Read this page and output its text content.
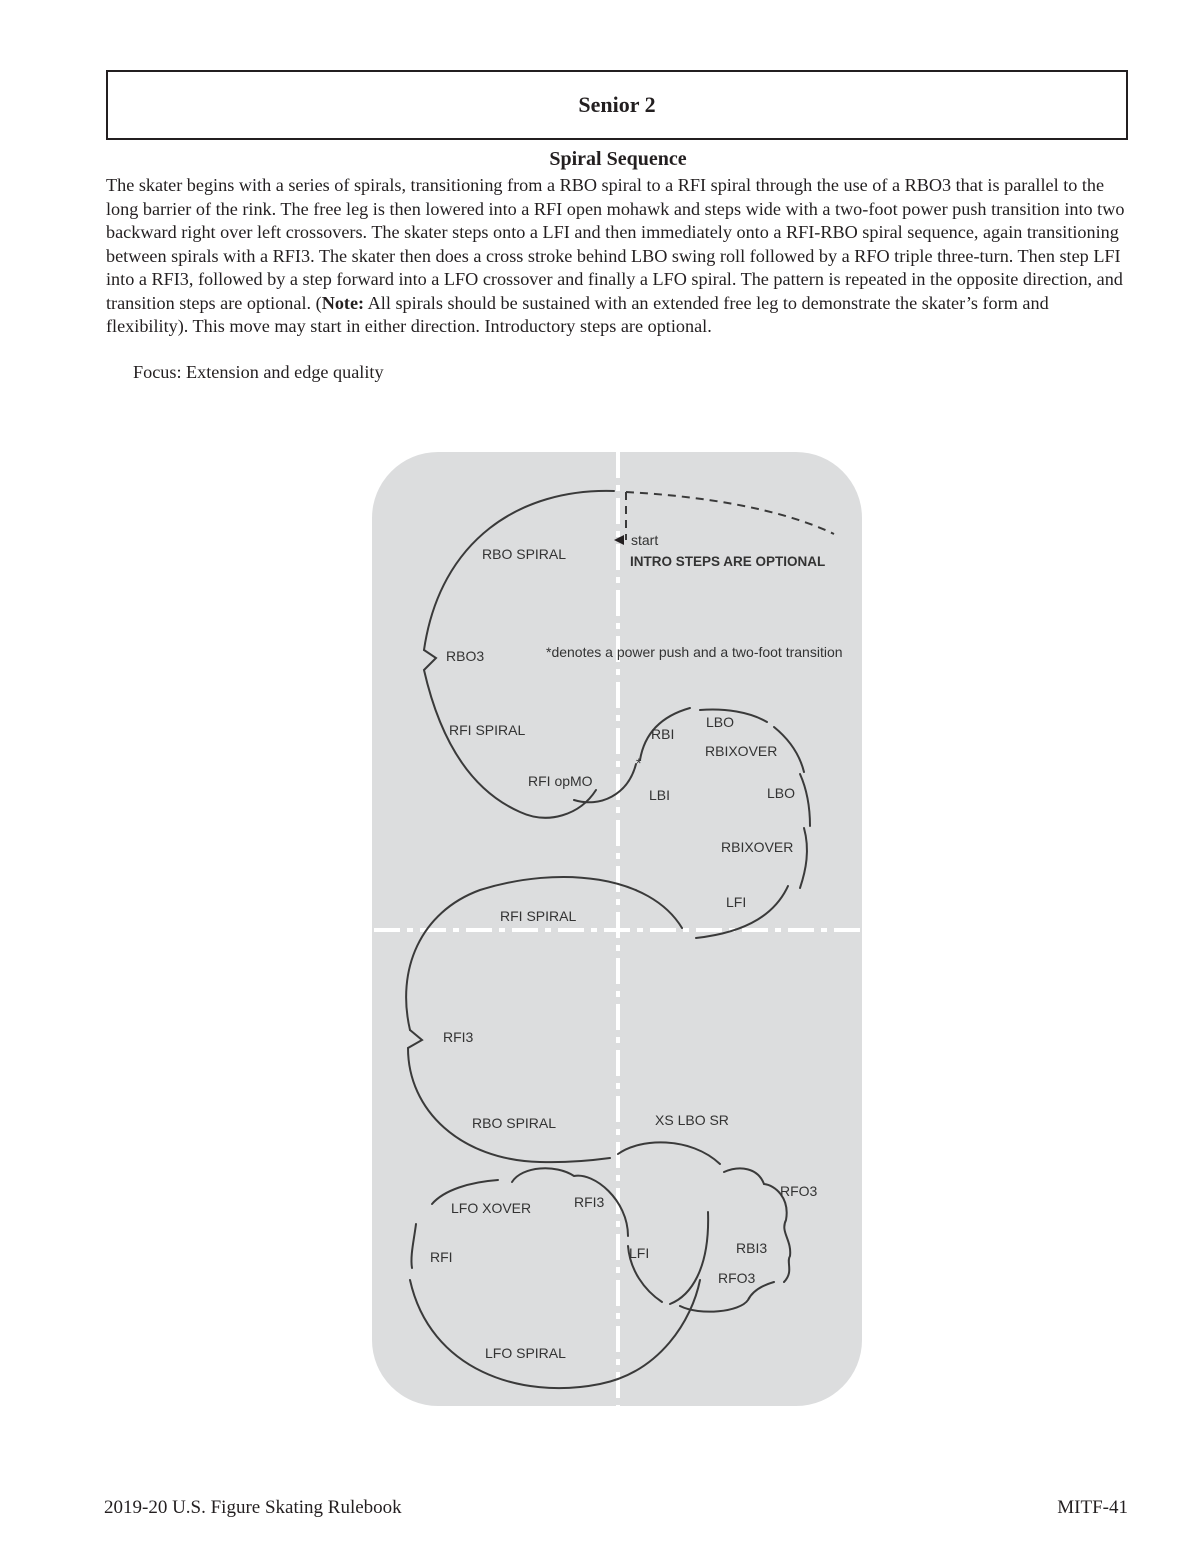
Senior 2
Spiral Sequence

The skater begins with a series of spirals, transitioning from a RBO spiral to a RFI spiral through the use of a RBO3 that is parallel to the long barrier of the rink. The free leg is then lowered into a RFI open mohawk and steps wide with a two-foot power push transition into two backward right over left crossovers. The skater steps onto a LFI and then immediately onto a RFI-RBO spiral sequence, again transitioning between spirals with a RFI3. The skater then does a cross stroke behind LBO swing roll followed by a RFO triple three-turn. Then step LFI into a RFI3, followed by a step forward into a LFO crossover and finally a LFO spiral. The pattern is repeated in the opposite direction, and transition steps are optional. (Note: All spirals should be sustained with an extended free leg to demonstrate the skater’s form and flexibility). This move may start in either direction. Introductory steps are optional.

Focus: Extension and edge quality

start
INTRO STEPS ARE OPTIONAL
*denotes a power push and a two-foot transition
RBO SPIRAL
RBO3
RFI SPIRAL
RFI opMO
*
RBI
LBO
RBIXOVER
LBI	LBO
RBIXOVER
LFI
RFI SPIRAL
RFI3
RBO SPIRAL	XS LBO SR
RFO3
LFO XOVER	RFI3
RFI	LFI	RBI3
RFO3
LFO SPIRAL
2019-20 U.S. Figure Skating Rulebook	MITF-41
